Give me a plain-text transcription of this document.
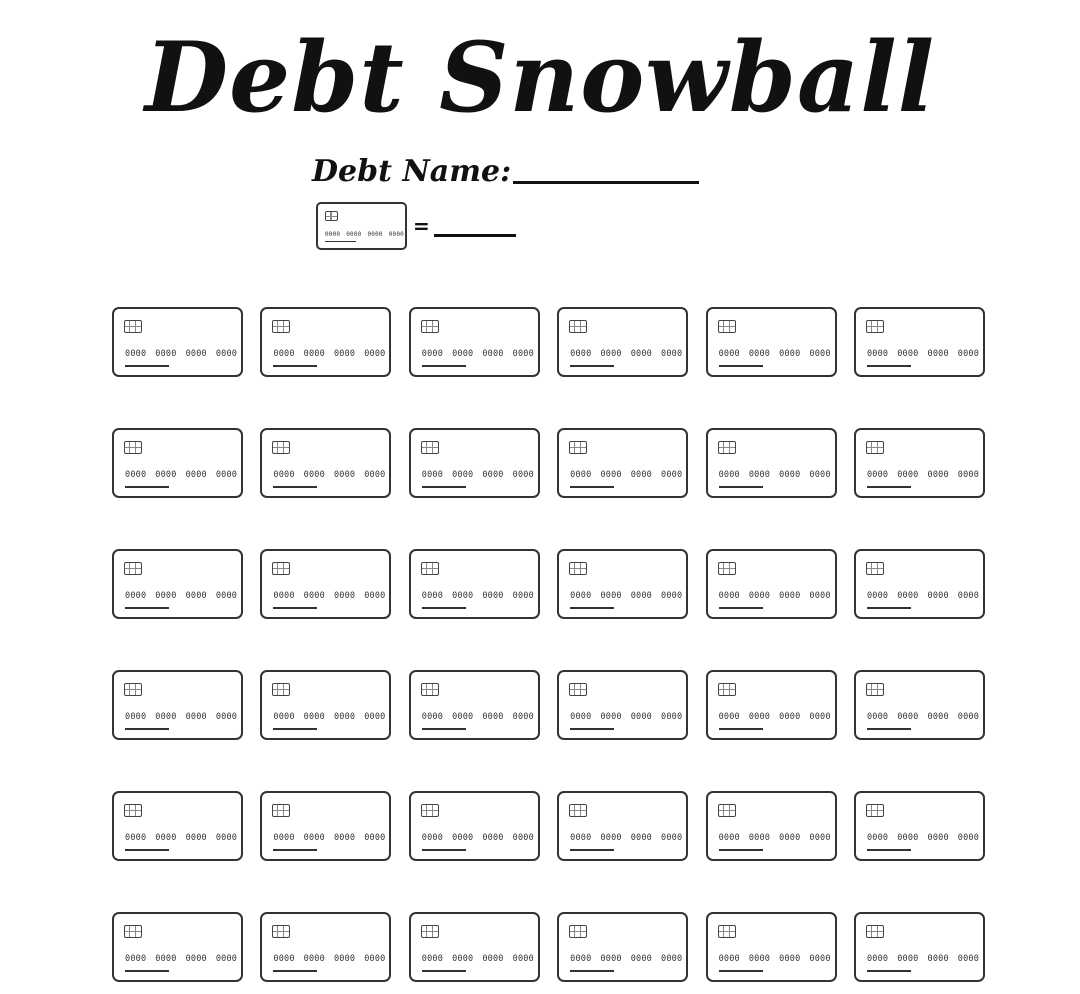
Debt Snowball
Debt Name:
0000 0000 0000 0000 =
0000 0000 0000 0000	0000 0000 0000 0000	0000 0000 0000 0000	0000 0000 0000 0000	0000 0000 0000 0000	0000 0000 0000 0000
0000 0000 0000 0000	0000 0000 0000 0000	0000 0000 0000 0000	0000 0000 0000 0000	0000 0000 0000 0000	0000 0000 0000 0000
0000 0000 0000 0000	0000 0000 0000 0000	0000 0000 0000 0000	0000 0000 0000 0000	0000 0000 0000 0000	0000 0000 0000 0000
0000 0000 0000 0000	0000 0000 0000 0000	0000 0000 0000 0000	0000 0000 0000 0000	0000 0000 0000 0000	0000 0000 0000 0000
0000 0000 0000 0000	0000 0000 0000 0000	0000 0000 0000 0000	0000 0000 0000 0000	0000 0000 0000 0000	0000 0000 0000 0000
0000 0000 0000 0000	0000 0000 0000 0000	0000 0000 0000 0000	0000 0000 0000 0000	0000 0000 0000 0000	0000 0000 0000 0000
